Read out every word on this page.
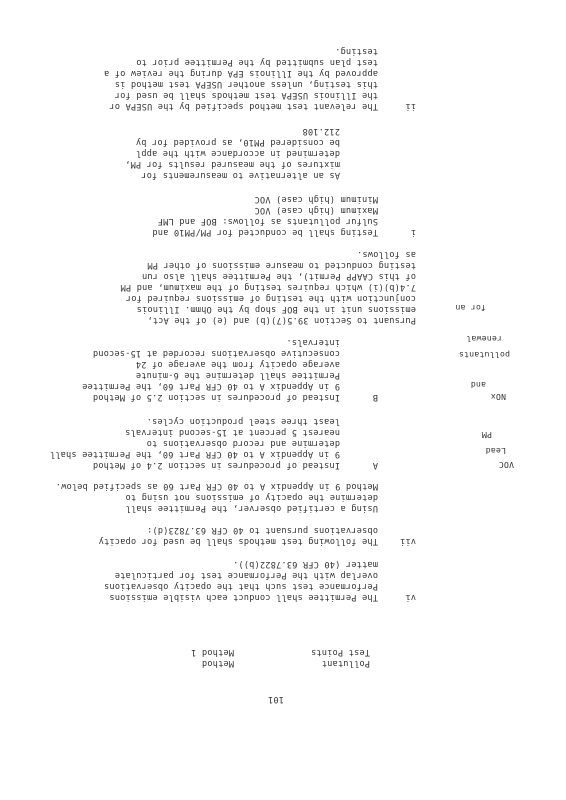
101
Pollutant
Method
Test Points
Method 1
vi
The Permittee shall conduct each visible emissions
Performance test such that the opacity observations
overlap with the Performance test for particulate
matter (40 CFR 63.7822(b)).
vii
The following test methods shall be used for opacity
observations pursuant to 40 CFR 63.7823(d):
Using a certified observer, the Permittee shall
determine the opacity of emissions not using to
Method 9 in Appendix A to 40 CFR Part 60 as specified below.
A
Instead of procedures in section 2.4 of Method
9 in Appendix A to 40 CFR Part 60, the Permittee shall
determine and record observations to
nearest 5 percent at 15-second intervals
least three steel production cycles.
B
Instead of procedures in section 2.5 of Method
9 in Appendix A to 40 CFR Part 60, the Permittee
Permittee shall determine the 6-minute
average opacity from the average of 24
consecutive observations recorded at 15-second
intervals.
Pursuant to Section 39.5(7)(b) and (e) of the Act,
emissions unit in the BOF shop by the Ohmm. Illinois
conjunction with the testing of emissions required for
7.4(b)(i) which requires testing of the maximum, and PM
of this CAAPP Permit), the Permittee shall also run
testing conducted to measure emissions of other PM
as follows.
i
Testing shall be conducted for PM/PM10 and
Sulfur pollutants as follows: BOF and LMF
Maximum (high case) VOC
Minimum (high case) VOC
As an alternative to measurements for
mixtures of the measured results for PM,
determined in accordance with the appl
be considered PM10, as provided for by
212.108
ii
The relevant test method specified by the USEPA or
the Illinois USEPA test methods shall be used for
this testing, unless another USEPA test method is
approved by the Illinois EPA during the review of a
test plan submitted by the Permittee prior to
testing.
VOC
Lead
PM
NOx
and
pollutants
renewal
for an
